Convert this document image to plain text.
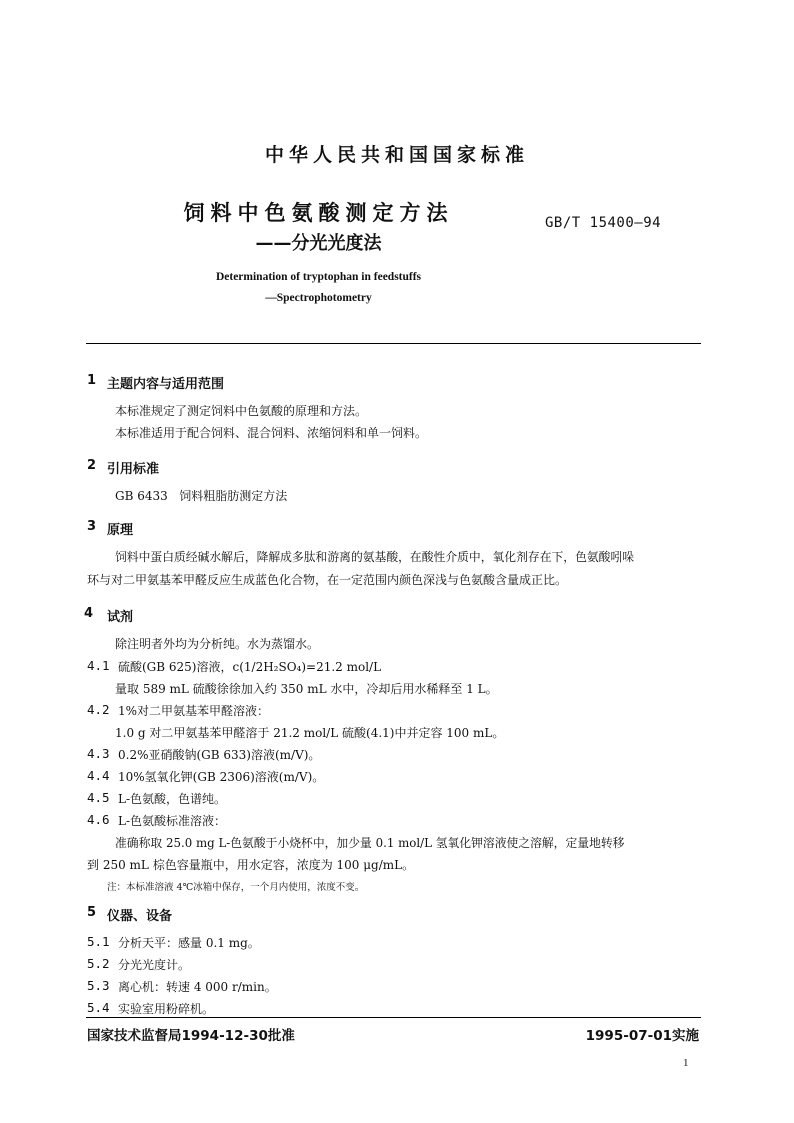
中华人民共和国国家标准
饲料中色氨酸测定方法
——分光光度法
GB/T 15400—94
Determination of tryptophan in feedstuffs
—Spectrophotometry
1 主题内容与适用范围
本标准规定了测定饲料中色氨酸的原理和方法。
本标准适用于配合饲料、混合饲料、浓缩饲料和单一饲料。
2 引用标准
GB 6433   饲料粗脂肪测定方法
3 原理
饲料中蛋白质经碱水解后，降解成多肽和游离的氨基酸，在酸性介质中，氧化剂存在下，色氨酸吲哚
环与对二甲氨基苯甲醛反应生成蓝色化合物，在一定范围内颜色深浅与色氨酸含量成正比。
4 试剂
除注明者外均为分析纯。水为蒸馏水。
4.1 硫酸(GB 625)溶液，c(1/2H₂SO₄)=21.2 mol/L
量取 589 mL 硫酸徐徐加入约 350 mL 水中，冷却后用水稀释至 1 L。
4.2 1%对二甲氨基苯甲醛溶液：
1.0 g 对二甲氨基苯甲醛溶于 21.2 mol/L 硫酸(4.1)中并定容 100 mL。
4.3 0.2%亚硝酸钠(GB 633)溶液(m/V)。
4.4 10%氢氧化钾(GB 2306)溶液(m/V)。
4.5 L-色氨酸，色谱纯。
4.6 L-色氨酸标准溶液：
准确称取 25.0 mg L-色氨酸于小烧杯中，加少量 0.1 mol/L 氢氧化钾溶液使之溶解，定量地转移
到 250 mL 棕色容量瓶中，用水定容，浓度为 100 μg/mL。
注：本标准溶液 4℃冰箱中保存，一个月内使用，浓度不变。
5 仪器、设备
5.1 分析天平：感量 0.1 mg。
5.2 分光光度计。
5.3 离心机：转速 4 000 r/min。
5.4 实验室用粉碎机。
国家技术监督局1994-12-30批准	1995-07-01实施
1
